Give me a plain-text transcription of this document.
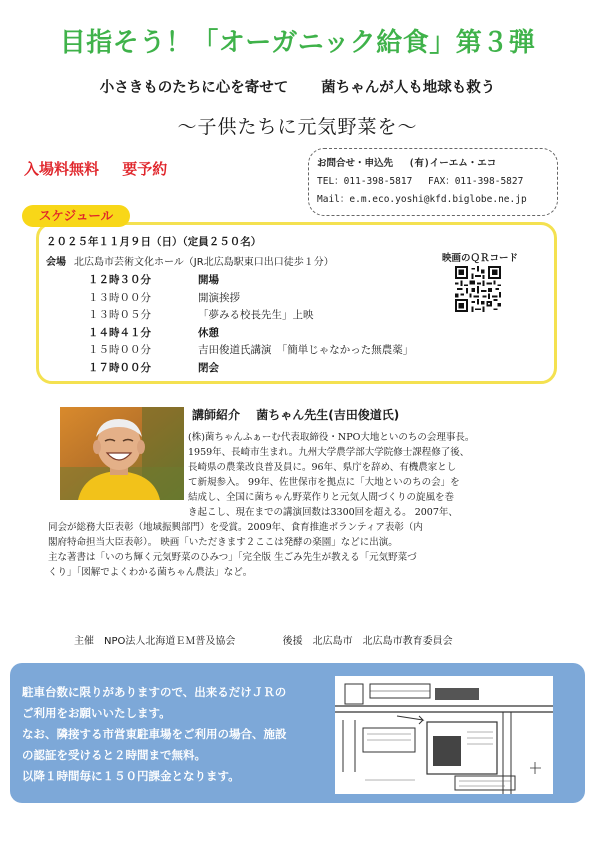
目指そう！「オーガニック給食」第３弾
小さきものたちに心を寄せて 菌ちゃんが人も地球も救う
～子供たちに元気野菜を～
入場料無料 要予約	お問合せ・申込先 (有)イーエム・エコ
TEL：011-398-5817 FAX：011-398-5827
Mail：e.m.eco.yoshi@kfd.biglobe.ne.jp
スケジュール
２０２５年１１月９日（日）（定員２５０名）
会場 北広島市芸術文化ホール（JR北広島駅東口出口徒歩１分）
１２時３０分	開場
１３時００分	開演挨拶
１３時０５分	「夢みる校長先生」上映
１４時４１分	休憩
１５時００分	吉田俊道氏講演　「簡単じゃなかった無農薬」
１７時００分	閉会
映画のＱＲコード
講師紹介 菌ちゃん先生(吉田俊道氏)

(株)菌ちゃんふぁーむ代表取締役・NPO大地といのちの会理事長。

1959年、長崎市生まれ。九州大学農学部大学院修士課程修了後、

長崎県の農業改良普及員に。96年、県庁を辞め、有機農家とし

て新規参入。 99年、佐世保市を拠点に「大地といのちの会」を

結成し、全国に菌ちゃん野菜作りと元気人間づくりの旋風を巻

き起こし、現在までの講演回数は3300回を超える。 2007年、

同会が総務大臣表彰（地域振興部門）を受賞。2009年、食育推進ボランティア表彰（内

閣府特命担当大臣表彰）。 映画「いただきます２ここは発酵の楽園」などに出演。

主な著書は「いのち輝く元気野菜のひみつ」「完全版 生ごみ先生が教える「元気野菜づ

くり」「図解でよくわかる菌ちゃん農法」など。

主催　NPO法人北海道ＥＭ普及協会	後援　北広島市　北広島市教育委員会

駐車台数に限りがありますので、出来るだけＪＲの

ご利用をお願いいたします。

なお、隣接する市営東駐車場をご利用の場合、施設

の認証を受けると２時間まで無料。

以降１時間毎に１５０円課金となります。
